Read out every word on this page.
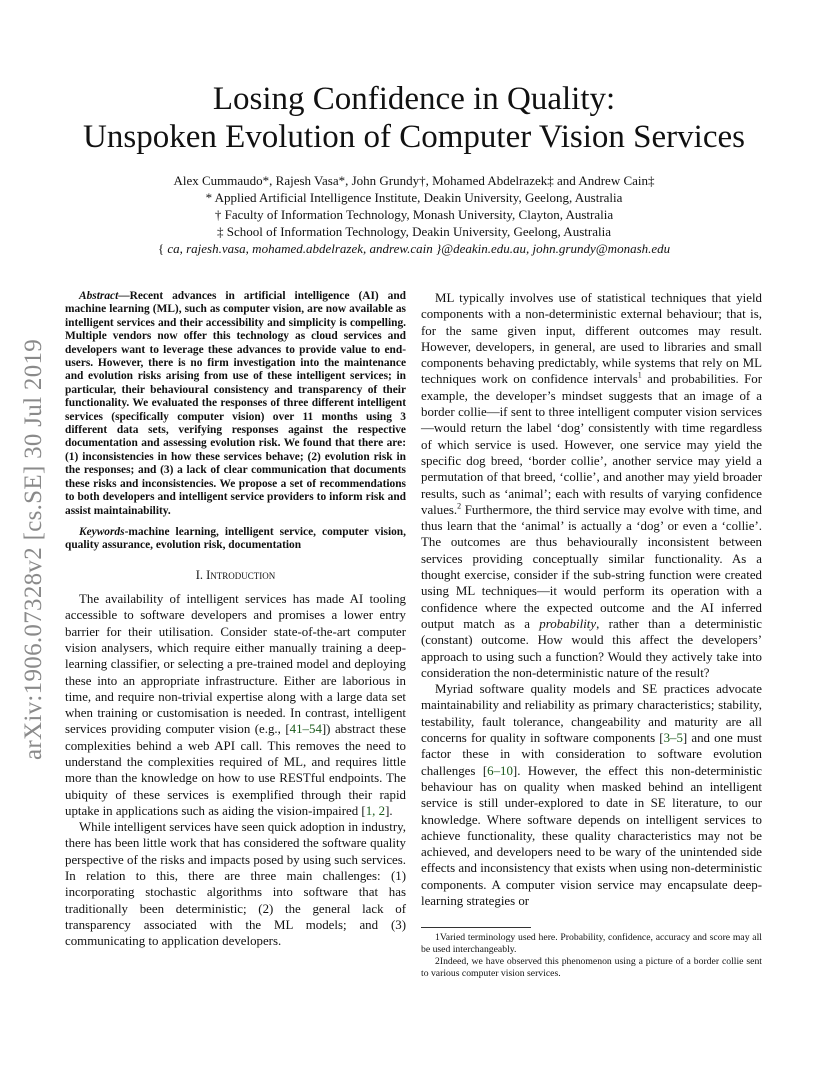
Losing Confidence in Quality:
Unspoken Evolution of Computer Vision Services

Alex Cummaudo*, Rajesh Vasa*, John Grundy†, Mohamed Abdelrazek‡ and Andrew Cain‡

* Applied Artificial Intelligence Institute, Deakin University, Geelong, Australia

† Faculty of Information Technology, Monash University, Clayton, Australia

‡ School of Information Technology, Deakin University, Geelong, Australia

{ ca, rajesh.vasa, mohamed.abdelrazek, andrew.cain }@deakin.edu.au, john.grundy@monash.edu

arXiv:1906.07328v2 [cs.SE] 30 Jul 2019

Abstract—Recent advances in artificial intelligence (AI) and machine learning (ML), such as computer vision, are now available as intelligent services and their accessibility and simplicity is compelling. Multiple vendors now offer this technology as cloud services and developers want to leverage these advances to provide value to end-users. However, there is no firm investigation into the maintenance and evolution risks arising from use of these intelligent services; in particular, their behavioural consistency and transparency of their functionality. We evaluated the responses of three different intelligent services (specifically computer vision) over 11 months using 3 different data sets, verifying responses against the respective documentation and assessing evolution risk. We found that there are: (1) inconsistencies in how these services behave; (2) evolution risk in the responses; and (3) a lack of clear communication that documents these risks and inconsistencies. We propose a set of recommendations to both developers and intelligent service providers to inform risk and assist maintainability.

Keywords-machine learning, intelligent service, computer vision, quality assurance, evolution risk, documentation

I. Introduction

The availability of intelligent services has made AI tooling accessible to software developers and promises a lower entry barrier for their utilisation. Consider state-of-the-art computer vision analysers, which require either manually training a deep-learning classifier, or selecting a pre-trained model and deploying these into an appropriate infrastructure. Either are laborious in time, and require non-trivial expertise along with a large data set when training or customisation is needed. In contrast, intelligent services providing computer vision (e.g., [41–54]) abstract these complexities behind a web API call. This removes the need to understand the complexities required of ML, and requires little more than the knowledge on how to use RESTful endpoints. The ubiquity of these services is exemplified through their rapid uptake in applications such as aiding the vision-impaired [1, 2].

While intelligent services have seen quick adoption in industry, there has been little work that has considered the software quality perspective of the risks and impacts posed by using such services. In relation to this, there are three main challenges: (1) incorporating stochastic algorithms into software that has traditionally been deterministic; (2) the general lack of transparency associated with the ML models; and (3) communicating to application developers.

ML typically involves use of statistical techniques that yield components with a non-deterministic external behaviour; that is, for the same given input, different outcomes may result. However, developers, in general, are used to libraries and small components behaving predictably, while systems that rely on ML techniques work on confidence intervals$^1$ and probabilities. For example, the developer’s mindset suggests that an image of a border collie—if sent to three intelligent computer vision services—would return the label ‘dog’ consistently with time regardless of which service is used. However, one service may yield the specific dog breed, ‘border collie’, another service may yield a permutation of that breed, ‘collie’, and another may yield broader results, such as ‘animal’; each with results of varying confidence values.$^2$ Furthermore, the third service may evolve with time, and thus learn that the ‘animal’ is actually a ‘dog’ or even a ‘collie’. The outcomes are thus behaviourally inconsistent between services providing conceptually similar functionality. As a thought exercise, consider if the sub-string function were created using ML techniques—it would perform its operation with a confidence where the expected outcome and the AI inferred output match as a probability, rather than a deterministic (constant) outcome. How would this affect the developers’ approach to using such a function? Would they actively take into consideration the non-deterministic nature of the result?

Myriad software quality models and SE practices advocate maintainability and reliability as primary characteristics; stability, testability, fault tolerance, changeability and maturity are all concerns for quality in software components [3–5] and one must factor these in with consideration to software evolution challenges [6–10]. However, the effect this non-deterministic behaviour has on quality when masked behind an intelligent service is still under-explored to date in SE literature, to our knowledge. Where software depends on intelligent services to achieve functionality, these quality characteristics may not be achieved, and developers need to be wary of the unintended side effects and inconsistency that exists when using non-deterministic components. A computer vision service may encapsulate deep-learning strategies or

1Varied terminology used here. Probability, confidence, accuracy and score may all be used interchangeably.

2Indeed, we have observed this phenomenon using a picture of a border collie sent to various computer vision services.
